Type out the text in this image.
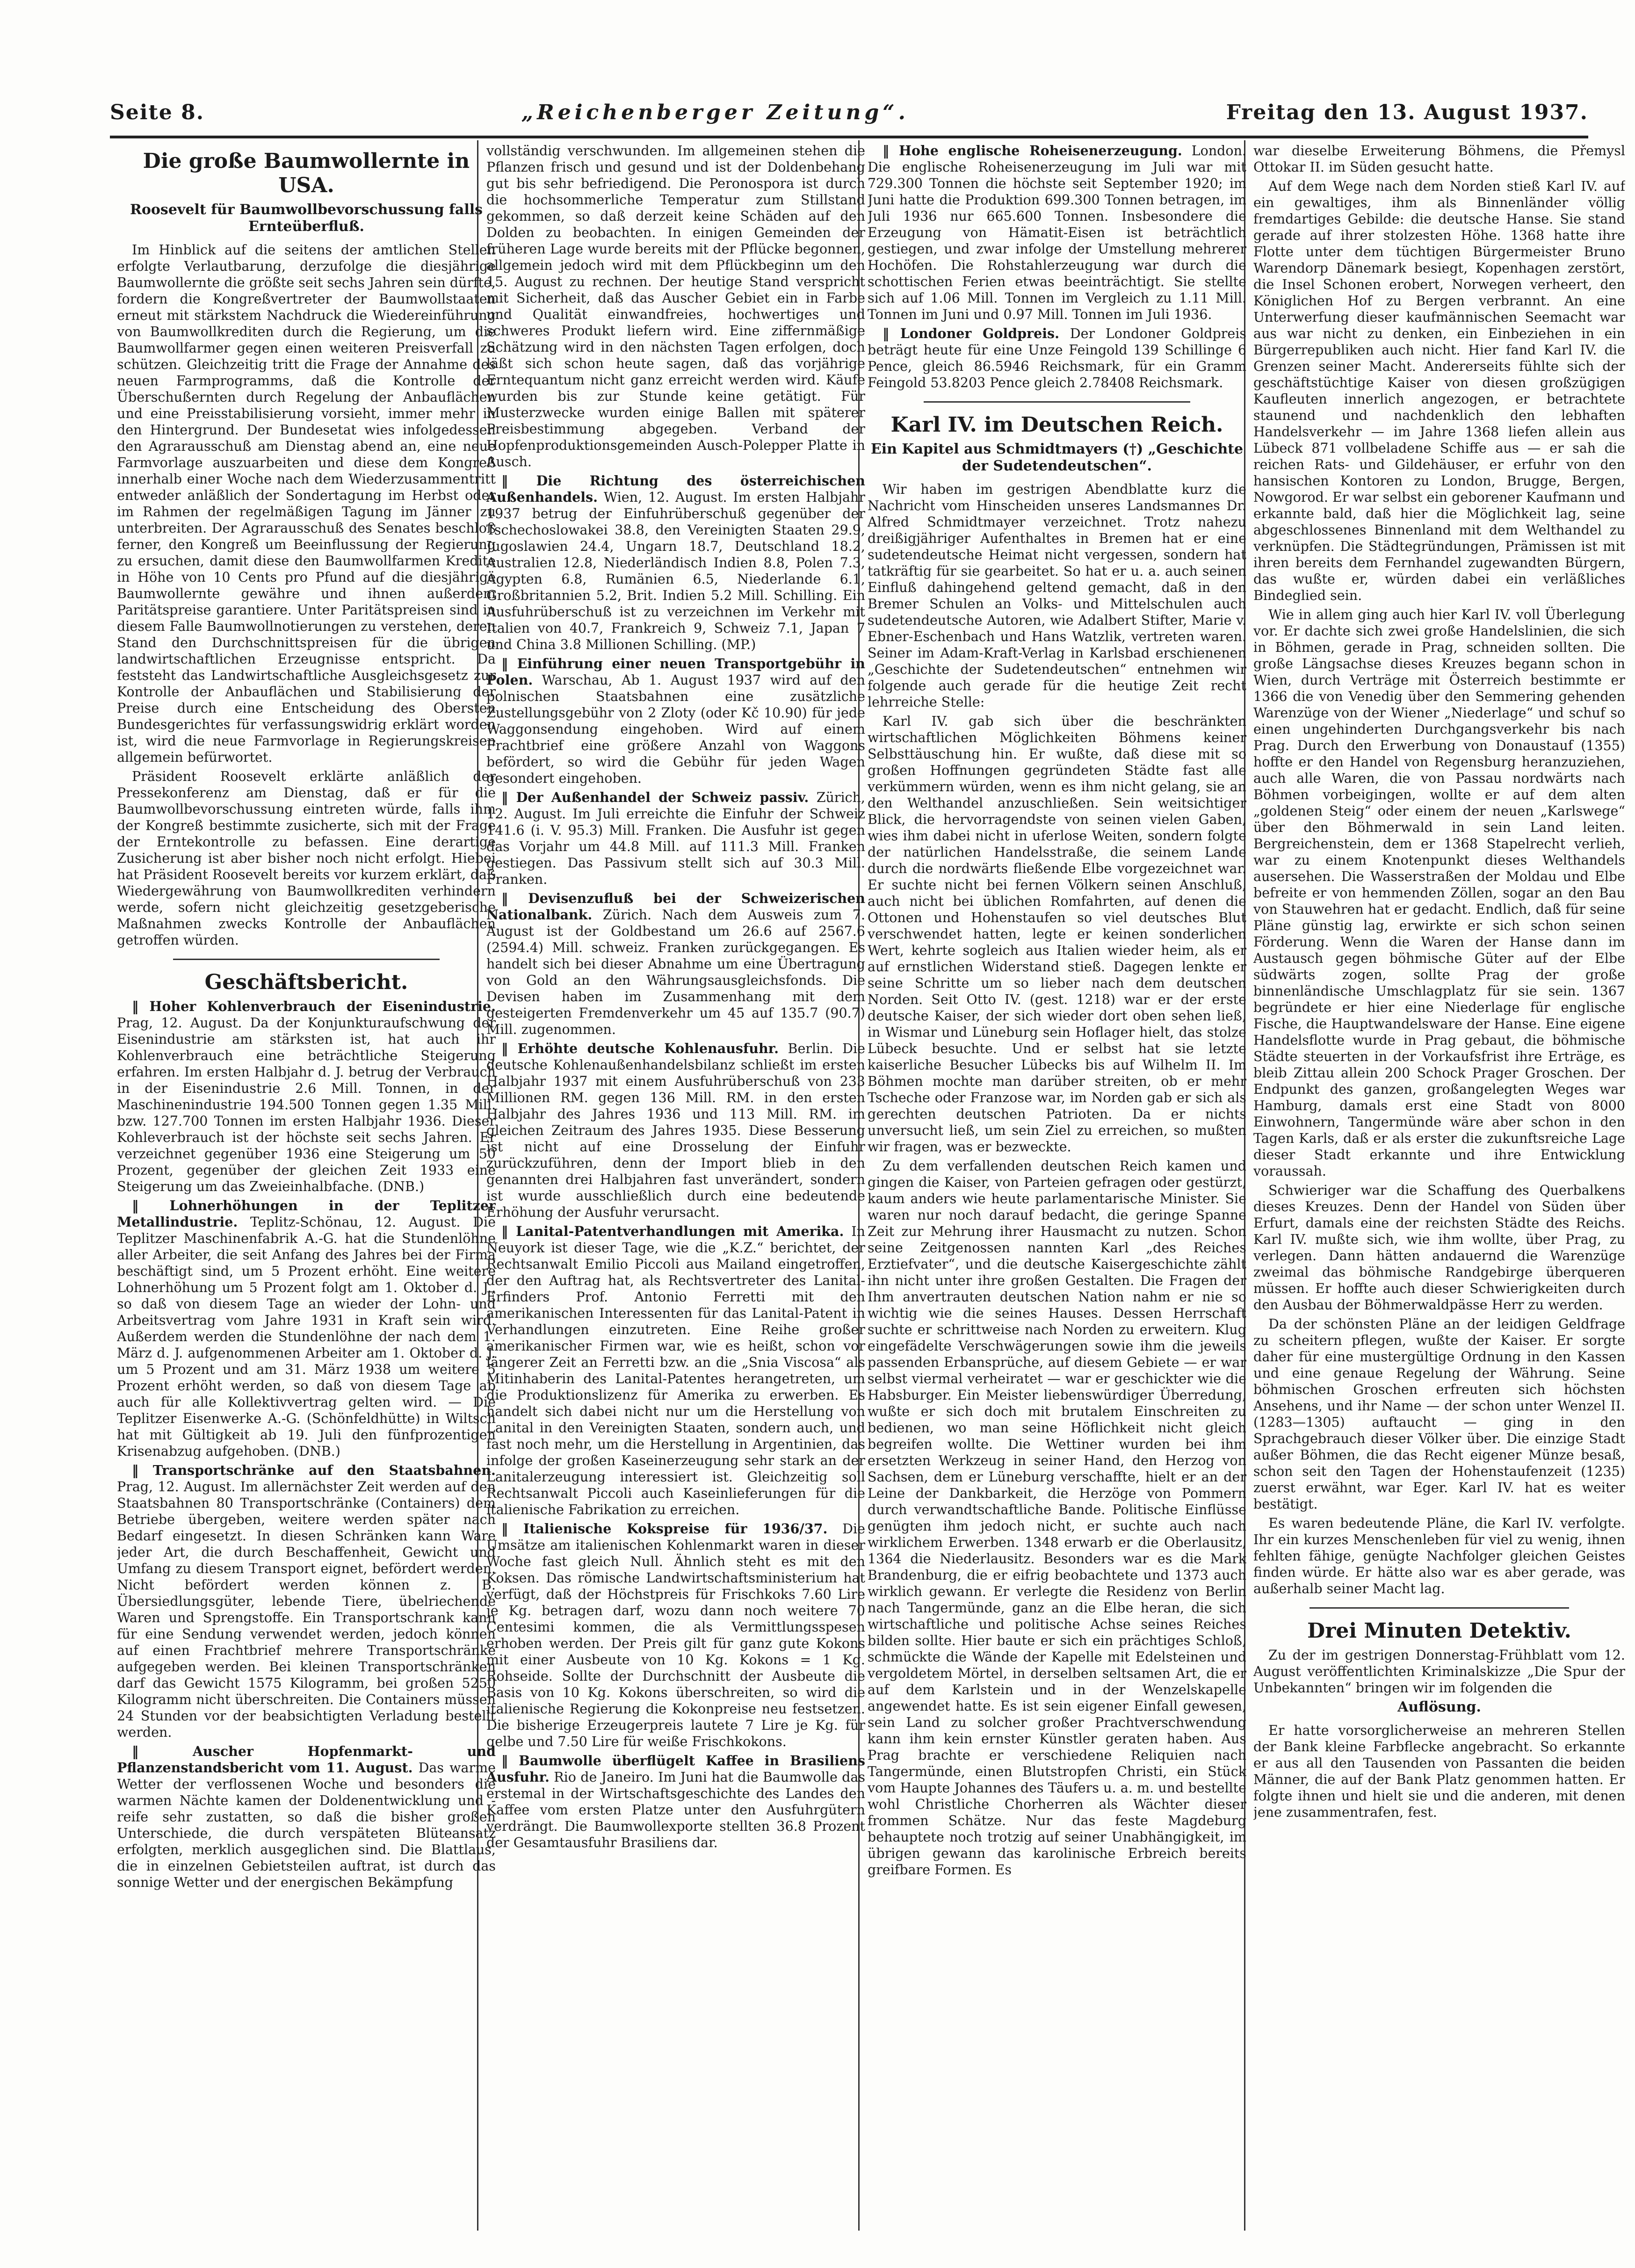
Seite 8.	„Reichenberger Zeitung“.	Freitag den 13. August 1937.
Die große Baumwollernte in USA.
Roosevelt für Baumwollbevorschussung falls Ernteüberfluß.

Im Hinblick auf die seitens der amtlichen Stellen erfolgte Verlautbarung, derzufolge die diesjährige Baumwollernte die größte seit sechs Jahren sein dürfte, fordern die Kongreßvertreter der Baumwollstaaten erneut mit stärkstem Nachdruck die Wiedereinführung von Baumwollkrediten durch die Regierung, um die Baumwollfarmer gegen einen weiteren Preisverfall zu schützen. Gleichzeitig tritt die Frage der Annahme des neuen Farmprogramms, daß die Kontrolle der Überschußernten durch Regelung der Anbauflächen und eine Preisstabilisierung vorsieht, immer mehr in den Hintergrund. Der Bundesetat wies infolgedessen den Agrarausschuß am Dienstag abend an, eine neue Farmvorlage auszuarbeiten und diese dem Kongreß innerhalb einer Woche nach dem Wiederzusammentritt entweder anläßlich der Sondertagung im Herbst oder im Rahmen der regelmäßigen Tagung im Jänner zu unterbreiten. Der Agrarausschuß des Senates beschloß ferner, den Kongreß um Beeinflussung der Regierung zu ersuchen, damit diese den Baumwollfarmen Kredite in Höhe von 10 Cents pro Pfund auf die diesjährige Baumwollernte gewähre und ihnen außerdem Paritätspreise garantiere. Unter Paritätspreisen sind in diesem Falle Baumwollnotierungen zu verstehen, deren Stand den Durchschnittspreisen für die übrigen landwirtschaftlichen Erzeugnisse entspricht. Da feststeht das Landwirtschaftliche Ausgleichsgesetz zur Kontrolle der Anbauflächen und Stabilisierung der Preise durch eine Entscheidung des Obersten Bundesgerichtes für verfassungswidrig erklärt worden ist, wird die neue Farmvorlage in Regierungskreisen allgemein befürwortet.

Präsident Roosevelt erklärte anläßlich der Pressekonferenz am Dienstag, daß er für die Baumwollbevorschussung eintreten würde, falls ihm der Kongreß bestimmte zusicherte, sich mit der Frage der Erntekontrolle zu befassen. Eine derartige Zusicherung ist aber bisher noch nicht erfolgt. Hiebei hat Präsident Roosevelt bereits vor kurzem erklärt, daß Wiedergewährung von Baumwollkrediten verhindern werde, sofern nicht gleichzeitig gesetzgeberische Maßnahmen zwecks Kontrolle der Anbauflächen getroffen würden.

Geschäftsbericht.

‖ Hoher Kohlenverbrauch der Eisenindustrie. Prag, 12. August. Da der Konjunkturaufschwung der Eisenindustrie am stärksten ist, hat auch ihr Kohlenverbrauch eine beträchtliche Steigerung erfahren. Im ersten Halbjahr d. J. betrug der Verbrauch in der Eisenindustrie 2.6 Mill. Tonnen, in der Maschinenindustrie 194.500 Tonnen gegen 1.35 Mill. bzw. 127.700 Tonnen im ersten Halbjahr 1936. Dieser Kohleverbrauch ist der höchste seit sechs Jahren. Er verzeichnet gegenüber 1936 eine Steigerung um 50 Prozent, gegenüber der gleichen Zeit 1933 eine Steigerung um das Zweieinhalbfache. (DNB.)

‖ Lohnerhöhungen in der Teplitzer Metallindustrie. Teplitz-Schönau, 12. August. Die Teplitzer Maschinenfabrik A.-G. hat die Stundenlöhne aller Arbeiter, die seit Anfang des Jahres bei der Firma beschäftigt sind, um 5 Prozent erhöht. Eine weitere Lohnerhöhung um 5 Prozent folgt am 1. Oktober d. J., so daß von diesem Tage an wieder der Lohn- und Arbeitsvertrag vom Jahre 1931 in Kraft sein wird. Außerdem werden die Stundenlöhne der nach dem 1. März d. J. aufgenommenen Arbeiter am 1. Oktober d. J. um 5 Prozent und am 31. März 1938 um weitere 5 Prozent erhöht werden, so daß von diesem Tage ab auch für alle Kollektivvertrag gelten wird. — Die Teplitzer Eisenwerke A.-G. (Schönfeldhütte) in Wiltsch hat mit Gültigkeit ab 19. Juli den fünfprozentigen Krisenabzug aufgehoben. (DNB.)

‖ Transportschränke auf den Staatsbahnen. Prag, 12. August. Im allernächster Zeit werden auf den Staatsbahnen 80 Transportschränke (Containers) dem Betriebe übergeben, weitere werden später nach Bedarf eingesetzt. In diesen Schränken kann Ware jeder Art, die durch Beschaffenheit, Gewicht und Umfang zu diesem Transport eignet, befördert werden. Nicht befördert werden können z. B. Übersiedlungsgüter, lebende Tiere, übelriechende Waren und Sprengstoffe. Ein Transportschrank kann für eine Sendung verwendet werden, jedoch können auf einen Frachtbrief mehrere Transportschränke aufgegeben werden. Bei kleinen Transportschränken darf das Gewicht 1575 Kilogramm, bei großen 5250 Kilogramm nicht überschreiten. Die Containers müssen 24 Stunden vor der beabsichtigten Verladung bestellt werden.

‖ Auscher Hopfenmarkt- und Pflanzenstandsbericht vom 11. August. Das warme Wetter der verflossenen Woche und besonders die warmen Nächte kamen der Doldenentwicklung und -reife sehr zustatten, so daß die bisher großen Unterschiede, die durch verspäteten Blüteansatz erfolgten, merklich ausgeglichen sind. Die Blattlaus, die in einzelnen Gebietsteilen auftrat, ist durch das sonnige Wetter und der energischen Bekämpfung

vollständig verschwunden. Im allgemeinen stehen die Pflanzen frisch und gesund und ist der Doldenbehang gut bis sehr befriedigend. Die Peronospora ist durch die hochsommerliche Temperatur zum Stillstand gekommen, so daß derzeit keine Schäden auf den Dolden zu beobachten. In einigen Gemeinden der früheren Lage wurde bereits mit der Pflücke begonnen, allgemein jedoch wird mit dem Pflückbeginn um den 15. August zu rechnen. Der heutige Stand verspricht mit Sicherheit, daß das Auscher Gebiet ein in Farbe und Qualität einwandfreies, hochwertiges und schweres Produkt liefern wird. Eine ziffernmäßige Schätzung wird in den nächsten Tagen erfolgen, doch läßt sich schon heute sagen, daß das vorjährige Erntequantum nicht ganz erreicht werden wird. Käufe wurden bis zur Stunde keine getätigt. Für Musterzwecke wurden einige Ballen mit späterer Preisbestimmung abgegeben. Verband der Hopfenproduktionsgemeinden Ausch-Polepper Platte in Ausch.

‖ Die Richtung des österreichischen Außenhandels. Wien, 12. August. Im ersten Halbjahr 1937 betrug der Einfuhrüberschuß gegenüber der Tschechoslowakei 38.8, den Vereinigten Staaten 29.9, Jugoslawien 24.4, Ungarn 18.7, Deutschland 18.2, Australien 12.8, Niederländisch Indien 8.8, Polen 7.3, Ägypten 6.8, Rumänien 6.5, Niederlande 6.1, Großbritannien 5.2, Brit. Indien 5.2 Mill. Schilling. Ein Ausfuhrüberschuß ist zu verzeichnen im Verkehr mit Italien von 40.7, Frankreich 9, Schweiz 7.1, Japan 7 und China 3.8 Millionen Schilling. (MP.)

‖ Einführung einer neuen Transportgebühr in Polen. Warschau, Ab 1. August 1937 wird auf den polnischen Staatsbahnen eine zusätzliche Zustellungsgebühr von 2 Zloty (oder Kč 10.90) für jede Waggonsendung eingehoben. Wird auf einem Frachtbrief eine größere Anzahl von Waggons befördert, so wird die Gebühr für jeden Wagen gesondert eingehoben.

‖ Der Außenhandel der Schweiz passiv. Zürich, 12. August. Im Juli erreichte die Einfuhr der Schweiz 141.6 (i. V. 95.3) Mill. Franken. Die Ausfuhr ist gegen das Vorjahr um 44.8 Mill. auf 111.3 Mill. Franken gestiegen. Das Passivum stellt sich auf 30.3 Mill. Franken.

‖ Devisenzufluß bei der Schweizerischen Nationalbank. Zürich. Nach dem Ausweis zum 7. August ist der Goldbestand um 26.6 auf 2567.6 (2594.4) Mill. schweiz. Franken zurückgegangen. Es handelt sich bei dieser Abnahme um eine Übertragung von Gold an den Währungsausgleichsfonds. Die Devisen haben im Zusammenhang mit dem gesteigerten Fremdenverkehr um 45 auf 135.7 (90.7) Mill. zugenommen.

‖ Erhöhte deutsche Kohlenausfuhr. Berlin. Die deutsche Kohlenaußenhandelsbilanz schließt im ersten Halbjahr 1937 mit einem Ausfuhrüberschuß von 233 Millionen RM. gegen 136 Mill. RM. in den ersten Halbjahr des Jahres 1936 und 113 Mill. RM. im gleichen Zeitraum des Jahres 1935. Diese Besserung ist nicht auf eine Drosselung der Einfuhr zurückzuführen, denn der Import blieb in den genannten drei Halbjahren fast unverändert, sondern ist wurde ausschließlich durch eine bedeutende Erhöhung der Ausfuhr verursacht.

‖ Lanital-Patentverhandlungen mit Amerika. In Neuyork ist dieser Tage, wie die „K.Z.“ berichtet, der Rechtsanwalt Emilio Piccoli aus Mailand eingetroffen, der den Auftrag hat, als Rechtsvertreter des Lanital-Erfinders Prof. Antonio Ferretti mit den amerikanischen Interessenten für das Lanital-Patent in Verhandlungen einzutreten. Eine Reihe großer amerikanischer Firmen war, wie es heißt, schon vor längerer Zeit an Ferretti bzw. an die „Snia Viscosa“ als Mitinhaberin des Lanital-Patentes herangetreten, um die Produktionslizenz für Amerika zu erwerben. Es handelt sich dabei nicht nur um die Herstellung von Lanital in den Vereinigten Staaten, sondern auch, und fast noch mehr, um die Herstellung in Argentinien, das infolge der großen Kaseinerzeugung sehr stark an der Lanitalerzeugung interessiert ist. Gleichzeitig soll Rechtsanwalt Piccoli auch Kaseinlieferungen für die italienische Fabrikation zu erreichen.

‖ Italienische Kokspreise für 1936/37. Die Umsätze am italienischen Kohlenmarkt waren in dieser Woche fast gleich Null. Ähnlich steht es mit den Koksen. Das römische Landwirtschaftsministerium hat verfügt, daß der Höchstpreis für Frischkoks 7.60 Lire je Kg. betragen darf, wozu dann noch weitere 70 Centesimi kommen, die als Vermittlungsspesen erhoben werden. Der Preis gilt für ganz gute Kokons mit einer Ausbeute von 10 Kg. Kokons = 1 Kg. Rohseide. Sollte der Durchschnitt der Ausbeute die Basis von 10 Kg. Kokons überschreiten, so wird die italienische Regierung die Kokonpreise neu festsetzen. Die bisherige Erzeugerpreis lautete 7 Lire je Kg. für gelbe und 7.50 Lire für weiße Frischkokons.

‖ Baumwolle überflügelt Kaffee in Brasiliens Ausfuhr. Rio de Janeiro. Im Juni hat die Baumwolle das erstemal in der Wirtschaftsgeschichte des Landes den Kaffee vom ersten Platze unter den Ausfuhrgütern verdrängt. Die Baumwollexporte stellten 36.8 Prozent der Gesamtausfuhr Brasiliens dar.

‖ Hohe englische Roheisenerzeugung. London. Die englische Roheisenerzeugung im Juli war mit 729.300 Tonnen die höchste seit September 1920; im Juni hatte die Produktion 699.300 Tonnen betragen, im Juli 1936 nur 665.600 Tonnen. Insbesondere die Erzeugung von Hämatit-Eisen ist beträchtlich gestiegen, und zwar infolge der Umstellung mehrerer Hochöfen. Die Rohstahlerzeugung war durch die schottischen Ferien etwas beeinträchtigt. Sie stellte sich auf 1.06 Mill. Tonnen im Vergleich zu 1.11 Mill. Tonnen im Juni und 0.97 Mill. Tonnen im Juli 1936.

‖ Londoner Goldpreis. Der Londoner Goldpreis beträgt heute für eine Unze Feingold 139 Schillinge 6 Pence, gleich 86.5946 Reichsmark, für ein Gramm Feingold 53.8203 Pence gleich 2.78408 Reichsmark.

Karl IV. im Deutschen Reich.
Ein Kapitel aus Schmidtmayers (†) „Geschichte der Sudetendeutschen“.

Wir haben im gestrigen Abendblatte kurz die Nachricht vom Hinscheiden unseres Landsmannes Dr. Alfred Schmidtmayer verzeichnet. Trotz nahezu dreißigjähriger Aufenthaltes in Bremen hat er eine sudetendeutsche Heimat nicht vergessen, sondern hat tatkräftig für sie gearbeitet. So hat er u. a. auch seinen Einfluß dahingehend geltend gemacht, daß in den Bremer Schulen an Volks- und Mittelschulen auch sudetendeutsche Autoren, wie Adalbert Stifter, Marie v. Ebner-Eschenbach und Hans Watzlik, vertreten waren. Seiner im Adam-Kraft-Verlag in Karlsbad erschienenen „Geschichte der Sudetendeutschen“ entnehmen wir folgende auch gerade für die heutige Zeit recht lehrreiche Stelle:

Karl IV. gab sich über die beschränkten wirtschaftlichen Möglichkeiten Böhmens keiner Selbsttäuschung hin. Er wußte, daß diese mit so großen Hoffnungen gegründeten Städte fast alle verkümmern würden, wenn es ihm nicht gelang, sie an den Welthandel anzuschließen. Sein weitsichtiger Blick, die hervorragendste von seinen vielen Gaben, wies ihm dabei nicht in uferlose Weiten, sondern folgte der natürlichen Handelsstraße, die seinem Lande durch die nordwärts fließende Elbe vorgezeichnet war. Er suchte nicht bei fernen Völkern seinen Anschluß, auch nicht bei üblichen Romfahrten, auf denen die Ottonen und Hohenstaufen so viel deutsches Blut verschwendet hatten, legte er keinen sonderlichen Wert, kehrte sogleich aus Italien wieder heim, als er auf ernstlichen Widerstand stieß. Dagegen lenkte er seine Schritte um so lieber nach dem deutschen Norden. Seit Otto IV. (gest. 1218) war er der erste deutsche Kaiser, der sich wieder dort oben sehen ließ, in Wismar und Lüneburg sein Hoflager hielt, das stolze Lübeck besuchte. Und er selbst hat sie letzte kaiserliche Besucher Lübecks bis auf Wilhelm II. Im Böhmen mochte man darüber streiten, ob er mehr Tscheche oder Franzose war, im Norden gab er sich als gerechten deutschen Patrioten. Da er nichts unversucht ließ, um sein Ziel zu erreichen, so mußten wir fragen, was er bezweckte.

Zu dem verfallenden deutschen Reich kamen und gingen die Kaiser, von Parteien gefragen oder gestürzt, kaum anders wie heute parlamentarische Minister. Sie waren nur noch darauf bedacht, die geringe Spanne Zeit zur Mehrung ihrer Hausmacht zu nutzen. Schon seine Zeitgenossen nannten Karl „des Reiches Erztiefvater“, und die deutsche Kaisergeschichte zählt ihn nicht unter ihre großen Gestalten. Die Fragen der Ihm anvertrauten deutschen Nation nahm er nie so wichtig wie die seines Hauses. Dessen Herrschaft suchte er schrittweise nach Norden zu erweitern. Klug eingefädelte Verschwägerungen sowie ihm die jeweils passenden Erbansprüche, auf diesem Gebiete — er war selbst viermal verheiratet — war er geschickter wie die Habsburger. Ein Meister liebenswürdiger Überredung, wußte er sich doch mit brutalem Einschreiten zu bedienen, wo man seine Höflichkeit nicht gleich begreifen wollte. Die Wettiner wurden bei ihm ersetzten Werkzeug in seiner Hand, den Herzog von Sachsen, dem er Lüneburg verschaffte, hielt er an der Leine der Dankbarkeit, die Herzöge von Pommern durch verwandtschaftliche Bande. Politische Einflüsse genügten ihm jedoch nicht, er suchte auch nach wirklichem Erwerben. 1348 erwarb er die Oberlausitz, 1364 die Niederlausitz. Besonders war es die Mark Brandenburg, die er eifrig beobachtete und 1373 auch wirklich gewann. Er verlegte die Residenz von Berlin nach Tangermünde, ganz an die Elbe heran, die sich wirtschaftliche und politische Achse seines Reiches bilden sollte. Hier baute er sich ein prächtiges Schloß, schmückte die Wände der Kapelle mit Edelsteinen und vergoldetem Mörtel, in derselben seltsamen Art, die er auf dem Karlstein und in der Wenzelskapelle angewendet hatte. Es ist sein eigener Einfall gewesen, sein Land zu solcher großer Prachtverschwendung kann ihm kein ernster Künstler geraten haben. Aus Prag brachte er verschiedene Reliquien nach Tangermünde, einen Blutstropfen Christi, ein Stück vom Haupte Johannes des Täufers u. a. m. und bestellte wohl Christliche Chorherren als Wächter dieser frommen Schätze. Nur das feste Magdeburg behauptete noch trotzig auf seiner Unabhängigkeit, im übrigen gewann das karolinische Erbreich bereits greifbare Formen. Es

war dieselbe Erweiterung Böhmens, die Přemysl Ottokar II. im Süden gesucht hatte.

Auf dem Wege nach dem Norden stieß Karl IV. auf ein gewaltiges, ihm als Binnenländer völlig fremdartiges Gebilde: die deutsche Hanse. Sie stand gerade auf ihrer stolzesten Höhe. 1368 hatte ihre Flotte unter dem tüchtigen Bürgermeister Bruno Warendorp Dänemark besiegt, Kopenhagen zerstört, die Insel Schonen erobert, Norwegen verheert, den Königlichen Hof zu Bergen verbrannt. An eine Unterwerfung dieser kaufmännischen Seemacht war aus war nicht zu denken, ein Einbeziehen in ein Bürgerrepubliken auch nicht. Hier fand Karl IV. die Grenzen seiner Macht. Andererseits fühlte sich der geschäftstüchtige Kaiser von diesen großzügigen Kaufleuten innerlich angezogen, er betrachtete staunend und nachdenklich den lebhaften Handelsverkehr — im Jahre 1368 liefen allein aus Lübeck 871 vollbeladene Schiffe aus — er sah die reichen Rats- und Gildehäuser, er erfuhr von den hansischen Kontoren zu London, Brugge, Bergen, Nowgorod. Er war selbst ein geborener Kaufmann und erkannte bald, daß hier die Möglichkeit lag, seine abgeschlossenes Binnenland mit dem Welthandel zu verknüpfen. Die Städtegründungen, Prämissen ist mit ihren bereits dem Fernhandel zugewandten Bürgern, das wußte er, würden dabei ein verläßliches Bindeglied sein.

Wie in allem ging auch hier Karl IV. voll Überlegung vor. Er dachte sich zwei große Handelslinien, die sich in Böhmen, gerade in Prag, schneiden sollten. Die große Längsachse dieses Kreuzes begann schon in Wien, durch Verträge mit Österreich bestimmte er 1366 die von Venedig über den Semmering gehenden Warenzüge von der Wiener „Niederlage“ und schuf so einen ungehinderten Durchgangsverkehr bis nach Prag. Durch den Erwerbung von Donaustauf (1355) hoffte er den Handel von Regensburg heranzuziehen, auch alle Waren, die von Passau nordwärts nach Böhmen vorbeigingen, wollte er auf dem alten „goldenen Steig“ oder einem der neuen „Karlswege“ über den Böhmerwald in sein Land leiten. Bergreichenstein, dem er 1368 Stapelrecht verlieh, war zu einem Knotenpunkt dieses Welthandels ausersehen. Die Wasserstraßen der Moldau und Elbe befreite er von hemmenden Zöllen, sogar an den Bau von Stauwehren hat er gedacht. Endlich, daß für seine Pläne günstig lag, erwirkte er sich schon seinen Förderung. Wenn die Waren der Hanse dann im Austausch gegen böhmische Güter auf der Elbe südwärts zogen, sollte Prag der große binnenländische Umschlagplatz für sie sein. 1367 begründete er hier eine Niederlage für englische Fische, die Hauptwandelsware der Hanse. Eine eigene Handelsflotte wurde in Prag gebaut, die böhmische Städte steuerten in der Vorkaufsfrist ihre Erträge, es bleib Zittau allein 200 Schock Prager Groschen. Der Endpunkt des ganzen, großangelegten Weges war Hamburg, damals erst eine Stadt von 8000 Einwohnern, Tangermünde wäre aber schon in den Tagen Karls, daß er als erster die zukunftsreiche Lage dieser Stadt erkannte und ihre Entwicklung voraussah.

Schwieriger war die Schaffung des Querbalkens dieses Kreuzes. Denn der Handel von Süden über Erfurt, damals eine der reichsten Städte des Reichs. Karl IV. mußte sich, wie ihm wollte, über Prag, zu verlegen. Dann hätten andauernd die Warenzüge zweimal das böhmische Randgebirge überqueren müssen. Er hoffte auch dieser Schwierigkeiten durch den Ausbau der Böhmerwaldpässe Herr zu werden.

Da der schönsten Pläne an der leidigen Geldfrage zu scheitern pflegen, wußte der Kaiser. Er sorgte daher für eine mustergültige Ordnung in den Kassen und eine genaue Regelung der Währung. Seine böhmischen Groschen erfreuten sich höchsten Ansehens, und ihr Name — der schon unter Wenzel II. (1283—1305) auftaucht — ging in den Sprachgebrauch dieser Völker über. Die einzige Stadt außer Böhmen, die das Recht eigener Münze besaß, schon seit den Tagen der Hohenstaufenzeit (1235) zuerst erwähnt, war Eger. Karl IV. hat es weiter bestätigt.

Es waren bedeutende Pläne, die Karl IV. verfolgte. Ihr ein kurzes Menschenleben für viel zu wenig, ihnen fehlten fähige, genügte Nachfolger gleichen Geistes finden würde. Er hätte also war es aber gerade, was außerhalb seiner Macht lag.

Drei Minuten Detektiv.

Zu der im gestrigen Donnerstag-Frühblatt vom 12. August veröffentlichten Kriminalskizze „Die Spur der Unbekannten“ bringen wir im folgenden die

Auflösung.

Er hatte vorsorglicherweise an mehreren Stellen der Bank kleine Farbflecke angebracht. So erkannte er aus all den Tausenden von Passanten die beiden Männer, die auf der Bank Platz genommen hatten. Er folgte ihnen und hielt sie und die anderen, mit denen jene zusammentrafen, fest.
